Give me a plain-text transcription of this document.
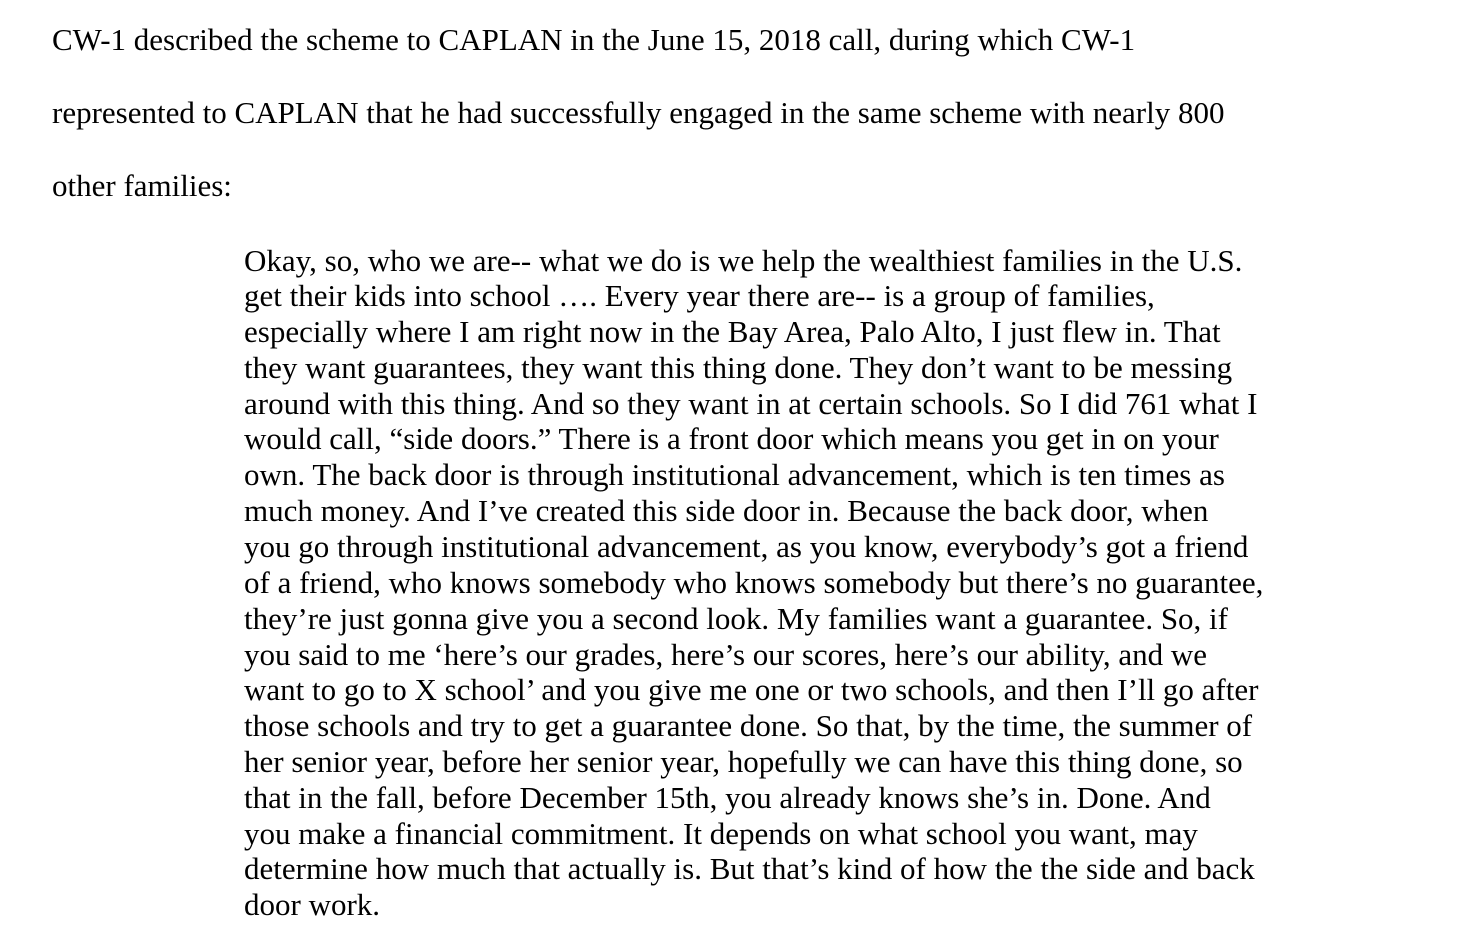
CW-1 described the scheme to CAPLAN in the June 15, 2018 call, during which CW-1
represented to CAPLAN that he had successfully engaged in the same scheme with nearly 800
other families:
Okay, so, who we are-- what we do is we help the wealthiest families in the U.S.
get their kids into school …. Every year there are-- is a group of families,
especially where I am right now in the Bay Area, Palo Alto, I just flew in. That
they want guarantees, they want this thing done. They don’t want to be messing
around with this thing. And so they want in at certain schools. So I did 761 what I
would call, “side doors.” There is a front door which means you get in on your
own. The back door is through institutional advancement, which is ten times as
much money. And I’ve created this side door in. Because the back door, when
you go through institutional advancement, as you know, everybody’s got a friend
of a friend, who knows somebody who knows somebody but there’s no guarantee,
they’re just gonna give you a second look. My families want a guarantee. So, if
you said to me ‘here’s our grades, here’s our scores, here’s our ability, and we
want to go to X school’ and you give me one or two schools, and then I’ll go after
those schools and try to get a guarantee done. So that, by the time, the summer of
her senior year, before her senior year, hopefully we can have this thing done, so
that in the fall, before December 15th, you already knows she’s in. Done. And
you make a financial commitment. It depends on what school you want, may
determine how much that actually is. But that’s kind of how the the side and back
door work.
